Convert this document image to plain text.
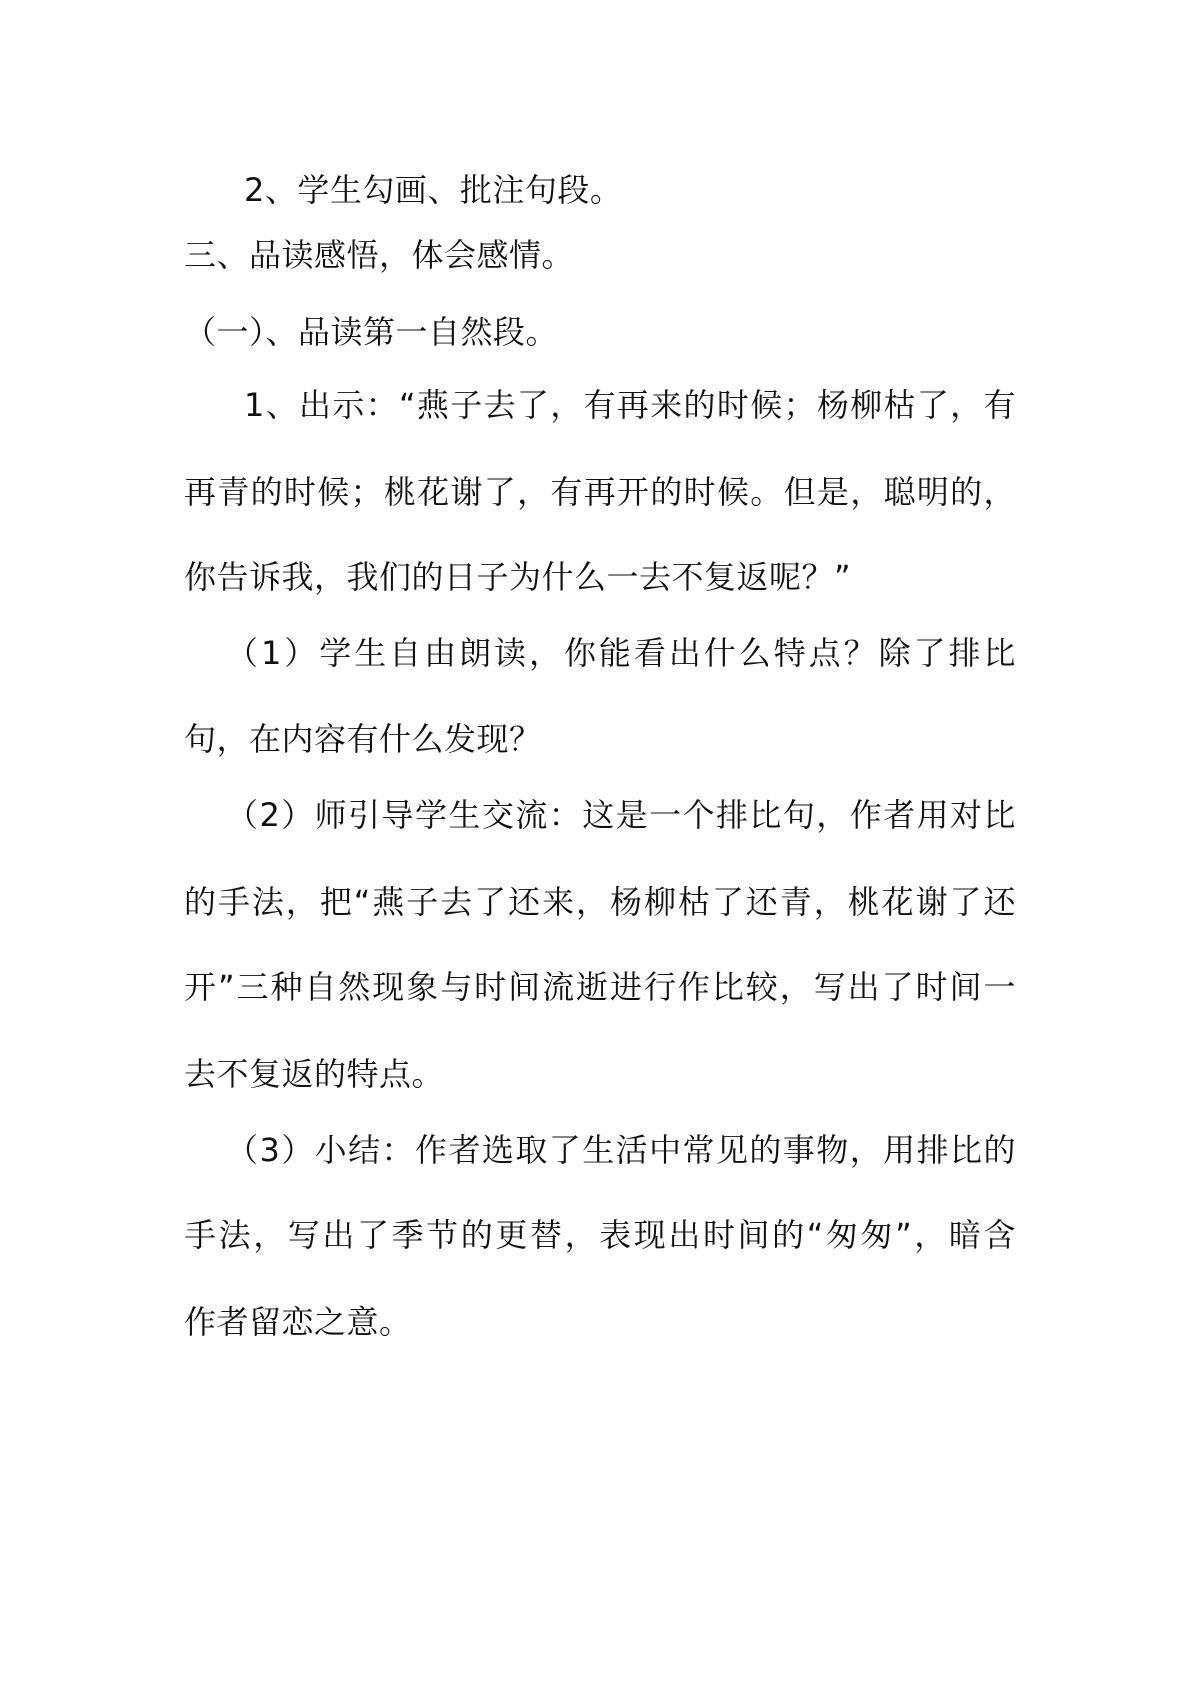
2、学生勾画、批注句段。
三、品读感悟，体会感情。
（一）、品读第一自然段。
1、出示：“燕子去了，有再来的时候；杨柳枯了，有
再青的时候；桃花谢了，有再开的时候。但是，聪明的，
你告诉我，我们的日子为什么一去不复返呢？”
（1）学生自由朗读，你能看出什么特点？除了排比
句，在内容有什么发现？
（2）师引导学生交流：这是一个排比句，作者用对比
的手法，把“燕子去了还来，杨柳枯了还青，桃花谢了还
开”三种自然现象与时间流逝进行作比较，写出了时间一
去不复返的特点。
（3）小结：作者选取了生活中常见的事物，用排比的
手法，写出了季节的更替，表现出时间的“匆匆”，暗含
作者留恋之意。
